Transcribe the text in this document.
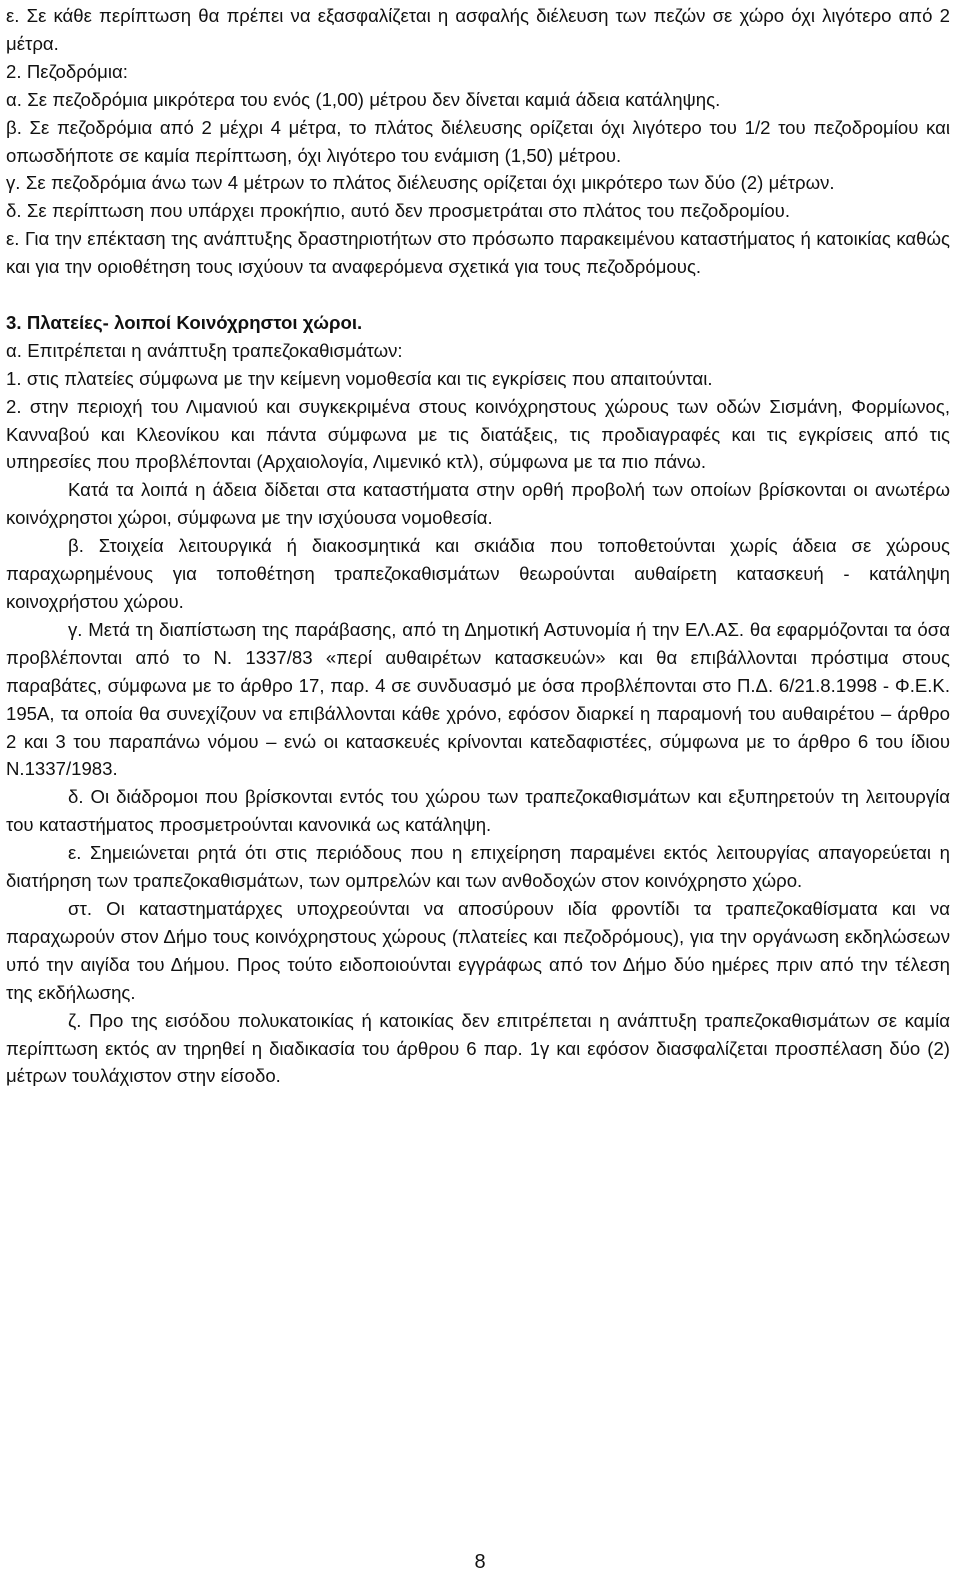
ε. Σε κάθε περίπτωση θα πρέπει να εξασφαλίζεται η ασφαλής διέλευση των πεζών σε χώρο όχι λιγότερο από 2 μέτρα.

2. Πεζοδρόμια:

α. Σε πεζοδρόμια μικρότερα του ενός (1,00) μέτρου δεν δίνεται καμιά άδεια κατάληψης.

β. Σε πεζοδρόμια από 2 μέχρι 4 μέτρα, το πλάτος διέλευσης ορίζεται όχι λιγότερο του 1/2 του πεζοδρομίου και οπωσδήποτε σε καμία περίπτωση, όχι λιγότερο του ενάμιση (1,50) μέτρου.

γ. Σε πεζοδρόμια άνω των 4 μέτρων το πλάτος διέλευσης ορίζεται όχι μικρότερο των δύο (2) μέτρων.

δ. Σε περίπτωση που υπάρχει προκήπιο, αυτό δεν προσμετράται στο πλάτος του πεζοδρομίου.

ε. Για την επέκταση της ανάπτυξης δραστηριοτήτων στο πρόσωπο παρακειμένου καταστήματος ή κατοικίας καθώς και για την οριοθέτηση τους ισχύουν τα αναφερόμενα σχετικά για τους πεζοδρόμους.

3. Πλατείες- λοιποί Κοινόχρηστοι χώροι.

α. Επιτρέπεται η ανάπτυξη τραπεζοκαθισμάτων:

1. στις πλατείες σύμφωνα με την κείμενη νομοθεσία και τις εγκρίσεις που απαιτούνται.

2. στην περιοχή του Λιμανιού και συγκεκριμένα στους κοινόχρηστους χώρους των οδών Σισμάνη, Φορμίωνος, Κανναβού και Κλεονίκου και πάντα σύμφωνα με τις διατάξεις, τις προδιαγραφές και τις εγκρίσεις από τις υπηρεσίες που προβλέπονται (Αρχαιολογία, Λιμενικό κτλ), σύμφωνα με τα πιο πάνω.

Κατά τα λοιπά η άδεια δίδεται στα καταστήματα στην ορθή προβολή των οποίων βρίσκονται οι ανωτέρω κοινόχρηστοι χώροι, σύμφωνα με την ισχύουσα νομοθεσία.

β. Στοιχεία λειτουργικά ή διακοσμητικά και σκιάδια που τοποθετούνται χωρίς άδεια σε χώρους παραχωρημένους για τοποθέτηση τραπεζοκαθισμάτων θεωρούνται αυθαίρετη κατασκευή - κατάληψη κοινοχρήστου χώρου.

γ. Μετά τη διαπίστωση της παράβασης, από τη Δημοτική Αστυνομία ή την ΕΛ.ΑΣ. θα εφαρμόζονται τα όσα προβλέπονται από το Ν. 1337/83 «περί αυθαιρέτων κατασκευών» και θα επιβάλλονται πρόστιμα στους παραβάτες, σύμφωνα με το άρθρο 17, παρ. 4 σε συνδυασμό με όσα προβλέπονται στο Π.Δ. 6/21.8.1998 - Φ.Ε.Κ. 195Α, τα οποία θα συνεχίζουν να επιβάλλονται κάθε χρόνο, εφόσον διαρκεί η παραμονή του αυθαιρέτου – άρθρο 2 και 3 του παραπάνω νόμου – ενώ οι κατασκευές κρίνονται κατεδαφιστέες, σύμφωνα με το άρθρο 6 του ίδιου Ν.1337/1983.

δ. Οι διάδρομοι που βρίσκονται εντός του χώρου των τραπεζοκαθισμάτων και εξυπηρετούν τη λειτουργία του καταστήματος προσμετρούνται κανονικά ως κατάληψη.

ε. Σημειώνεται ρητά ότι στις περιόδους που η επιχείρηση παραμένει εκτός λειτουργίας απαγορεύεται η διατήρηση των τραπεζοκαθισμάτων, των ομπρελών και των ανθοδοχών στον κοινόχρηστο χώρο.

στ. Οι καταστηματάρχες υποχρεούνται να αποσύρουν ιδία φροντίδι τα τραπεζοκαθίσματα και να παραχωρούν στον Δήμο τους κοινόχρηστους χώρους (πλατείες και πεζοδρόμους), για την οργάνωση εκδηλώσεων υπό την αιγίδα του Δήμου. Προς τούτο ειδοποιούνται εγγράφως από τον Δήμο δύο ημέρες πριν από την τέλεση της εκδήλωσης.

ζ. Προ της εισόδου πολυκατοικίας ή κατοικίας δεν επιτρέπεται η ανάπτυξη τραπεζοκαθισμάτων σε καμία περίπτωση εκτός αν τηρηθεί η διαδικασία του άρθρου 6 παρ. 1γ και εφόσον διασφαλίζεται προσπέλαση δύο (2) μέτρων τουλάχιστον στην είσοδο.

8
